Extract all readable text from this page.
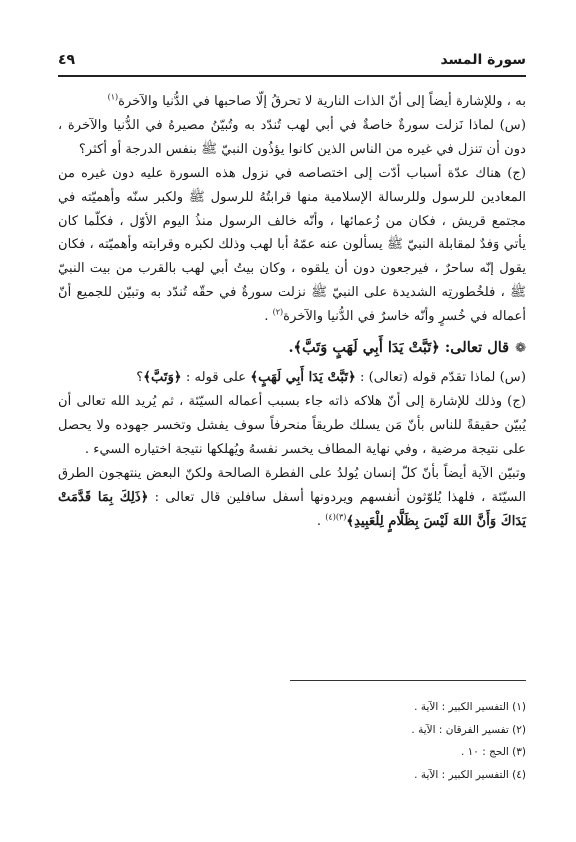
سورة المسد
٤٩

به ، وللإشارة أيضاً إلى أنّ الذات النارية لا تحرقُ إلّا صاحبها في الدُّنيا والآخرة$^{(١)}$

(س) لماذا نَزلت سورةٌ خاصةٌ في أبي لهب تُندّد به وتُبيّنُ مصيرهُ في الدُّنيا والآخرة ، دون أن تنزل في غيره من الناس الذين كانوا يؤذُون النبيّ ﷺ بنفس الدرجة أو أكثر؟

(ج) هناك عدّة أسباب أدّت إلى اختصاصه في نزول هذه السورة عليه دون غيره من المعادين للرسول وللرسالة الإسلامية منها قرابتُهُ للرسول ﷺ ولكبر سنّه وأهميّته في مجتمع قريش ، فكان من زُعمائها ، وأنّه خالف الرسول منذُ اليوم الأوّل ، فكلّما كان يأتي وَفدٌ لمقابلة النبيّ ﷺ يسألون عنه عمّهُ أبا لهب وذلك لكبره وقرابته وأهميّته ، فكان يقول إنّه ساحرٌ ، فيرجعون دون أن يلقوه ، وكان بيتُ أبي لهب بالقرب من بيت النبيّ ﷺ ، فلخُطورتِه الشديدة على النبيّ ﷺ نزلت سورةٌ في حقّه تُندّد به وتبيّن للجميع أنّ أعماله في خُسرٍ وأنّه خاسرٌ في الدُّنيا والآخرة$^{(٢)}$ .

❁قال تعالى: ﴿تَبَّتْ يَدَا أَبِي لَهَبٍ وَتَبَّ﴾.

(س) لماذا تقدّم قوله (تعالى) : ﴿تَبَّتْ يَدَا أَبِي لَهَبٍ﴾ على قوله : ﴿وَتَبَّ﴾؟

(ج) وذلك للإشارة إلى أنّ هلاكه ذاته جاء بسبب أعماله السيّئة ، ثم يُريد الله تعالى أن يُبيّن حقيقةً للناس بأنّ مَن يسلك طريقاً منحرفاً سوف يفشل وتخسر جهوده ولا يحصل على نتيجة مرضية ، وفي نهاية المطاف يخسر نفسهُ ويُهلكها نتيجة اختياره السيء .

وتبيّن الآية أيضاً بأنّ كلّ إنسان يُولدُ على الفطرة الصالحة ولكنّ البعض ينتهجون الطرق السيّئة ، فلهذا يُلوّثون أنفسهم ويردونها أسفل سافلين قال تعالى : ﴿ذَلِكَ بِمَا قَدَّمَتْ يَدَاكَ وَأَنَّ اللهَ لَيْسَ بِظَلَّامٍ لِلْعَبِيدِ﴾$^{(٣)(٤)}$ .

(١) التفسير الكبير : الآية .
(٢) تفسير الفرقان : الآية .
(٣) الحج : ١٠ .
(٤) التفسير الكبير : الآية .
